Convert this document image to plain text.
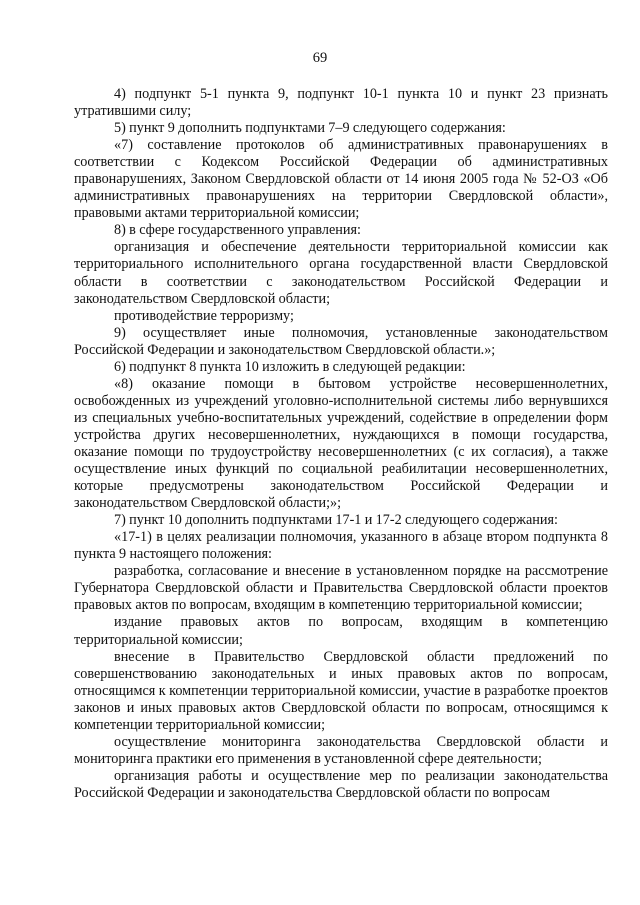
69

4) подпункт 5-1 пункта 9, подпункт 10-1 пункта 10 и пункт 23 признать утратившими силу;

5) пункт 9 дополнить подпунктами 7–9 следующего содержания:

«7) составление протоколов об административных правонарушениях в соответствии с Кодексом Российской Федерации об административных правонарушениях, Законом Свердловской области от 14 июня 2005 года № 52-ОЗ «Об административных правонарушениях на территории Свердловской области», правовыми актами территориальной комиссии;

8) в сфере государственного управления:

организация и обеспечение деятельности территориальной комиссии как территориального исполнительного органа государственной власти Свердловской области в соответствии с законодательством Российской Федерации и законодательством Свердловской области;

противодействие терроризму;

9) осуществляет иные полномочия, установленные законодательством Российской Федерации и законодательством Свердловской области.»;

6) подпункт 8 пункта 10 изложить в следующей редакции:

«8) оказание помощи в бытовом устройстве несовершеннолетних, освобожденных из учреждений уголовно-исполнительной системы либо вернувшихся из специальных учебно-воспитательных учреждений, содействие в определении форм устройства других несовершеннолетних, нуждающихся в помощи государства, оказание помощи по трудоустройству несовершеннолетних (с их согласия), а также осуществление иных функций по социальной реабилитации несовершеннолетних, которые предусмотрены законодательством Российской Федерации и законодательством Свердловской области;»;

7) пункт 10 дополнить подпунктами 17-1 и 17-2 следующего содержания:

«17-1) в целях реализации полномочия, указанного в абзаце втором подпункта 8 пункта 9 настоящего положения:

разработка, согласование и внесение в установленном порядке на рассмотрение Губернатора Свердловской области и Правительства Свердловской области проектов правовых актов по вопросам, входящим в компетенцию территориальной комиссии;

издание правовых актов по вопросам, входящим в компетенцию территориальной комиссии;

внесение в Правительство Свердловской области предложений по совершенствованию законодательных и иных правовых актов по вопросам, относящимся к компетенции территориальной комиссии, участие в разработке проектов законов и иных правовых актов Свердловской области по вопросам, относящимся к компетенции территориальной комиссии;

осуществление мониторинга законодательства Свердловской области и мониторинга практики его применения в установленной сфере деятельности;

организация работы и осуществление мер по реализации законодательства Российской Федерации и законодательства Свердловской области по вопросам
